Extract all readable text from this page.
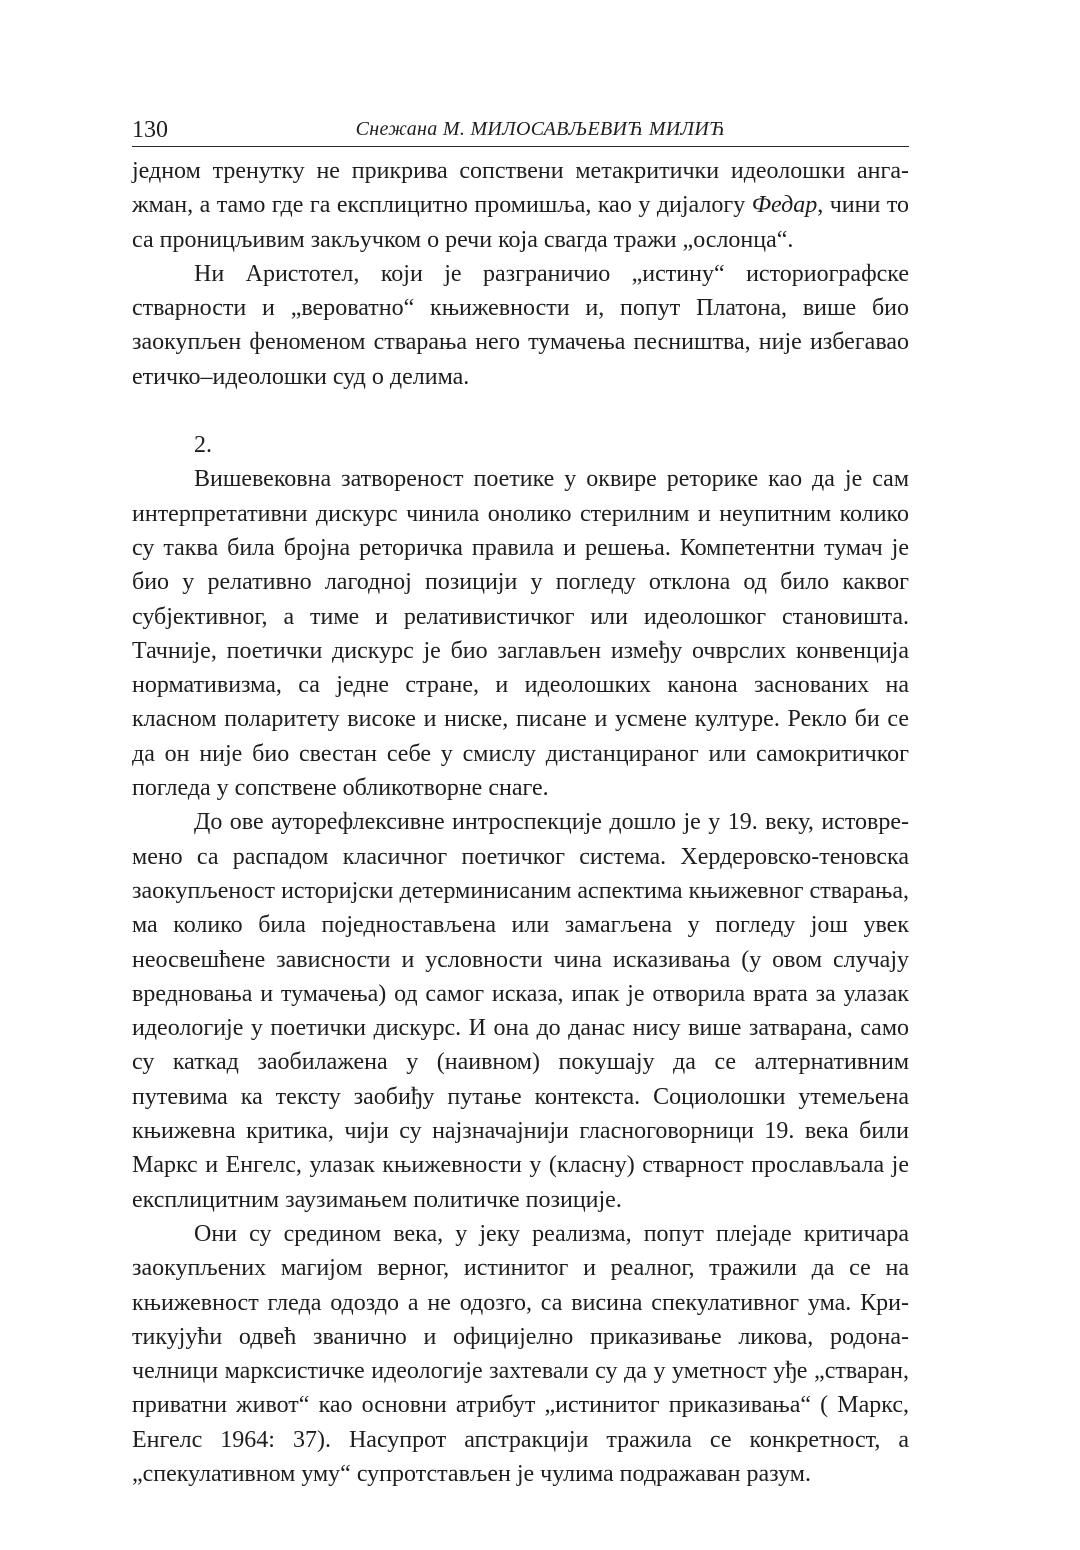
130	Снежана М. МИЛОСАВЉЕВИЋ МИЛИЋ

једном тренутку не прикрива сопствени метакритички идеолошки ангажман, а тамо где га експлицитно промишља, као у дијалогу Федар, чини то са проницљивим закључком о речи која свагда тражи „ослонца“.

Ни Аристотел, који је разграничио „истину“ историографске стварности и „вероватно“ књижевности и, попут Платона, више био заокупљен феноменом стварања него тумачења песништва, није избегавао етичко–идеолошки суд о делима.

2.

Вишевековна затвореност поетике у оквире реторике као да је сам интерпретативни дискурс чинила онолико стерилним и неупитним колико су таква била бројна реторичка правила и решења. Компетентни тумач је био у релативно лагодној позицији у погледу отклона од било каквог субјективног, а тиме и релативистичког или идеолошког становишта. Тачније, поетички дискурс је био заглављен између очврслих конвенција нормативизма, са једне стране, и идеолошких канона заснованих на класном поларитету високе и ниске, писане и усмене културе. Рекло би се да он није био свестан себе у смислу дистанцираног или самокритичког погледа у сопствене обликотворне снаге.

До ове ауторефлексивне интроспекције дошло је у 19. веку, истовремено са распадом класичног поетичког система. Хердеровско-теновска заокупљеност историјски детерминисаним аспектима књижевног стварања, ма колико била поједностављена или замагљена у погледу још увек неосвешћене зависности и условности чина исказивања (у овом случају вредновања и тумачења) од самог исказа, ипак је отворила врата за улазак идеологије у поетички дискурс. И она до данас нису више затварана, само су каткад заобилажена у (наивном) покушају да се алтернативним путевима ка тексту заобиђу путање контекста. Социолошки утемељена књижевна критика, чији су најзначајнији гласноговорници 19. века били Маркс и Енгелс, улазак књижевности у (класну) стварност прослављала је експлицитним заузимањем политичке позиције.

Они су средином века, у јеку реализма, попут плејаде критичара заокупљених магијом верног, истинитог и реалног, тражили да се на књижевност гледа одоздо а не одозго, са висина спекулативног ума. Критикујући одвећ званично и официјелно приказивање ликова, родоначелници марксистичке идеологије захтевали су да у уметност уђе „стваран, приватни живот“ као основни атрибут „истинитог приказивања“ ( Маркс, Енгелс 1964: 37). Насупрот апстракцији тражила се конкретност, а „спекулативном уму“ супротстављен је чулима подражаван разум.
